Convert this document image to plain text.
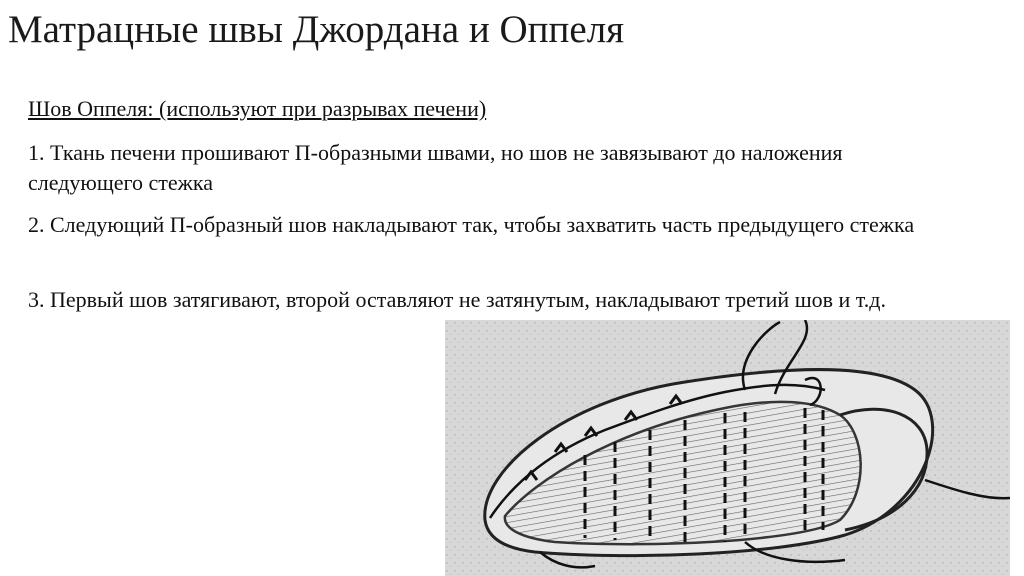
Матрацные швы Джордана и Оппеля
Шов Оппеля: (используют при разрывах печени)
1. Ткань печени прошивают П-образными швами, но шов не завязывают до наложения следующего стежка
2. Следующий П-образный шов накладывают так, чтобы захватить часть предыдущего стежка
3. Первый шов затягивают, второй оставляют не затянутым, накладывают третий шов и т.д.
